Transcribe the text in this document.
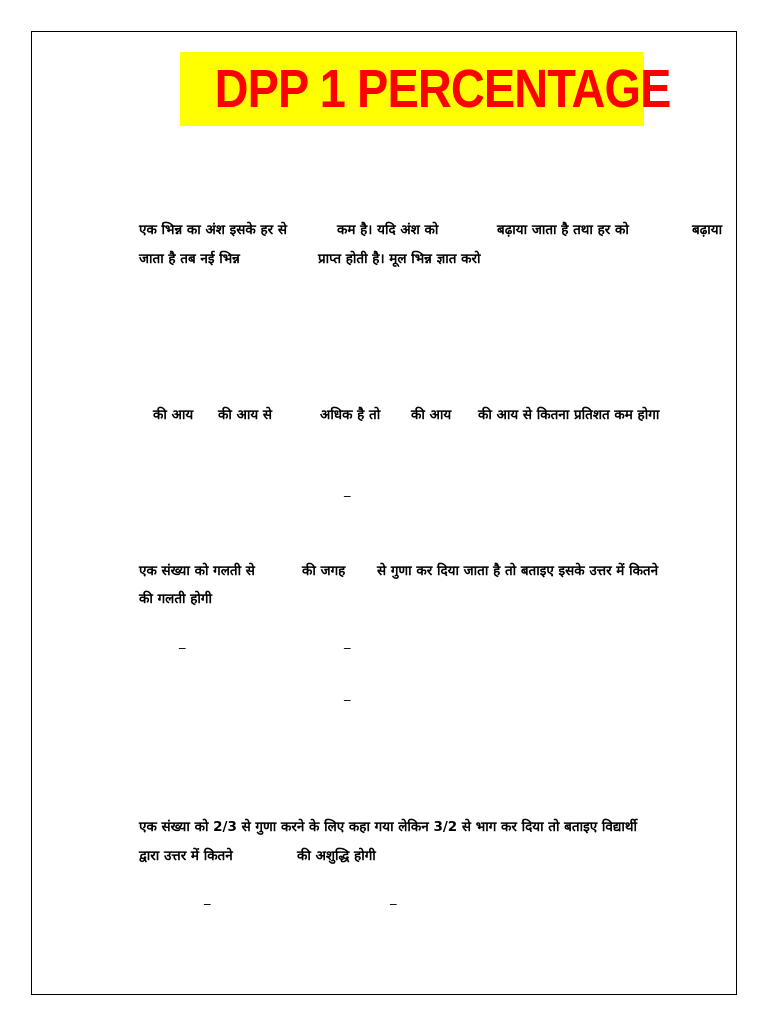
DPP 1 PERCENTAGE
एक भिन्न का अंश इसके हर से	कम है। यदि अंश को	बढ़ाया जाता है तथा हर को	बढ़ाया
जाता है तब नई भिन्न	प्राप्त होती है। मूल भिन्न ज्ञात करो
की आय की आय से	अधिक है तो की आय की आय से कितना प्रतिशत कम होगा
_
एक संख्या को गलती से	की जगह से गुणा कर दिया जाता है तो बताइए इसके उत्तर में कितने
की गलती होगी
_	_
_
एक संख्या को 2/3 से गुणा करने के लिए कहा गया लेकिन 3/2 से भाग कर दिया तो बताइए विद्यार्थी
द्वारा उत्तर में कितने	की अशुद्धि होगी
_	_
